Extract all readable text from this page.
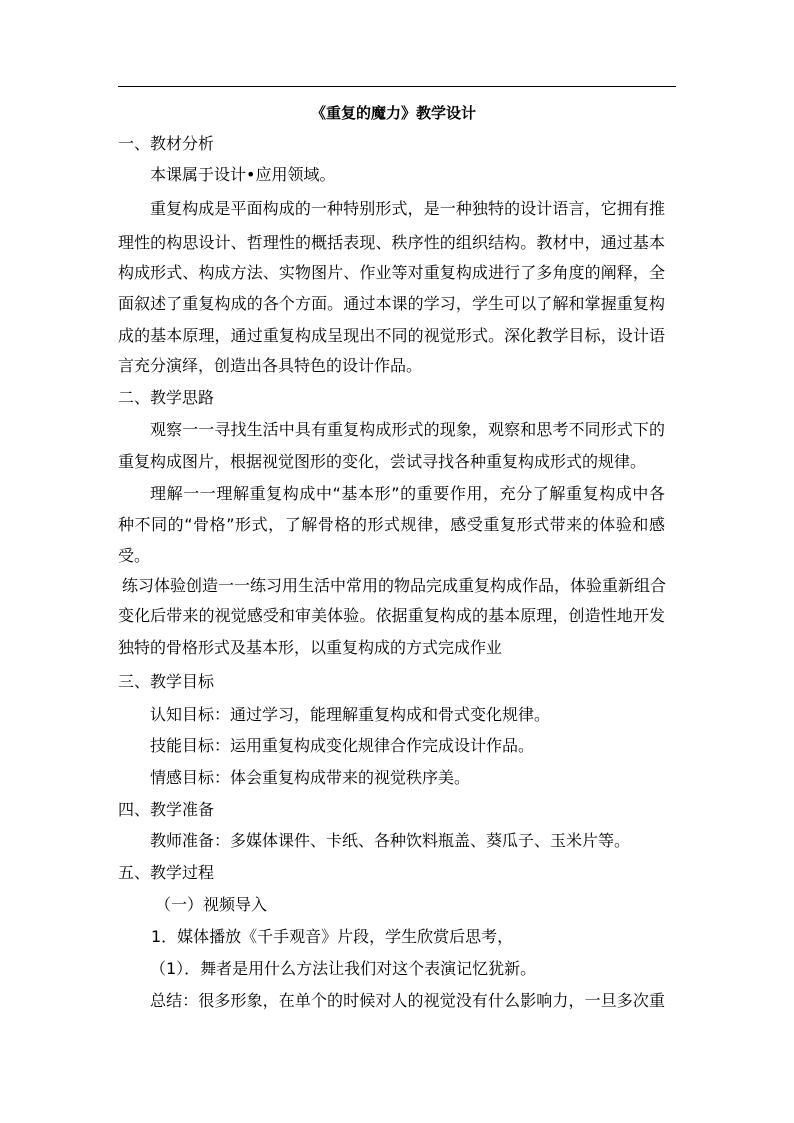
《重复的魔力》教学设计
一、教材分析
本课属于设计•应用领域。
重复构成是平面构成的一种特别形式，是一种独特的设计语言，它拥有推
理性的构思设计、哲理性的概括表现、秩序性的组织结构。教材中，通过基本
构成形式、构成方法、实物图片、作业等对重复构成进行了多角度的阐释，全
面叙述了重复构成的各个方面。通过本课的学习，学生可以了解和掌握重复构
成的基本原理，通过重复构成呈现出不同的视觉形式。深化教学目标，设计语
言充分演绎，创造出各具特色的设计作品。
二、教学思路
观察一一寻找生活中具有重复构成形式的现象，观察和思考不同形式下的
重复构成图片，根据视觉图形的变化，尝试寻找各种重复构成形式的规律。
理解一一理解重复构成中“基本形”的重要作用，充分了解重复构成中各
种不同的“骨格”形式，了解骨格的形式规律，感受重复形式带来的体验和感
受。
练习体验创造一一练习用生活中常用的物品完成重复构成作品，体验重新组合
变化后带来的视觉感受和审美体验。依据重复构成的基本原理，创造性地开发
独特的骨格形式及基本形，以重复构成的方式完成作业
三、教学目标
认知目标：通过学习，能理解重复构成和骨式变化规律。
技能目标：运用重复构成变化规律合作完成设计作品。
情感目标：体会重复构成带来的视觉秩序美。
四、教学准备
教师准备：多媒体课件、卡纸、各种饮料瓶盖、葵瓜子、玉米片等。
五、教学过程
（一）视频导入
1．媒体播放《千手观音》片段，学生欣赏后思考，
（1）．舞者是用什么方法让我们对这个表演记忆犹新。
总结：很多形象，在单个的时候对人的视觉没有什么影响力，一旦多次重
